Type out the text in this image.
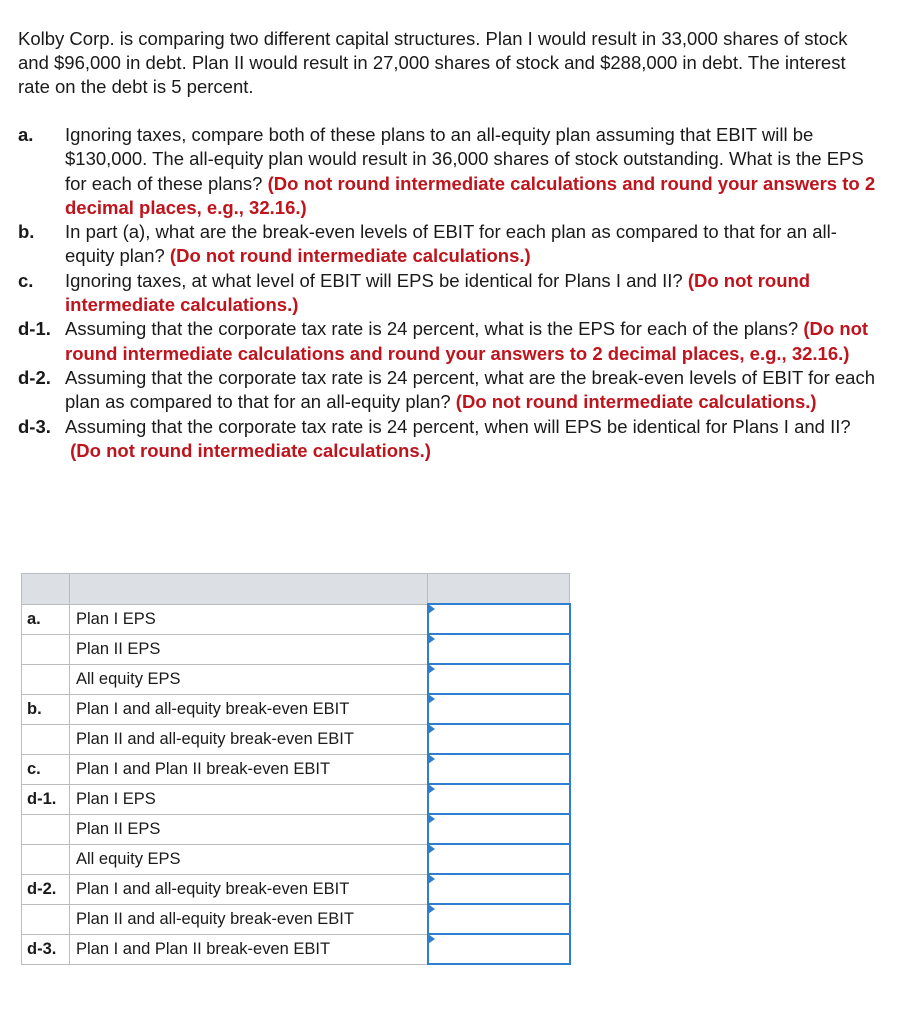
Kolby Corp. is comparing two different capital structures. Plan I would result in 33,000 shares of stock and $96,000 in debt. Plan II would result in 27,000 shares of stock and $288,000 in debt. The interest rate on the debt is 5 percent.
a.	Ignoring taxes, compare both of these plans to an all-equity plan assuming that EBIT will be $130,000. The all-equity plan would result in 36,000 shares of stock outstanding. What is the EPS for each of these plans? (Do not round intermediate calculations and round your answers to 2 decimal places, e.g., 32.16.)
b.	In part (a), what are the break-even levels of EBIT for each plan as compared to that for an all-equity plan? (Do not round intermediate calculations.)
c.	Ignoring taxes, at what level of EBIT will EPS be identical for Plans I and II? (Do not round intermediate calculations.)
d-1. Assuming that the corporate tax rate is 24 percent, what is the EPS for each of the plans? (Do not round intermediate calculations and round your answers to 2 decimal places, e.g., 32.16.)
d-2. Assuming that the corporate tax rate is 24 percent, what are the break-even levels of EBIT for each plan as compared to that for an all-equity plan? (Do not round intermediate calculations.)
d-3. Assuming that the corporate tax rate is 24 percent, when will EPS be identical for Plans I and II? (Do not round intermediate calculations.)

a.	Plan I EPS	

	Plan II EPS	

	All equity EPS	

b.	Plan I and all-equity break-even EBIT	

	Plan II and all-equity break-even EBIT	

c.	Plan I and Plan II break-even EBIT	

d-1.	Plan I EPS	

	Plan II EPS	

	All equity EPS	

d-2.	Plan I and all-equity break-even EBIT	

	Plan II and all-equity break-even EBIT	

d-3.	Plan I and Plan II break-even EBIT	
